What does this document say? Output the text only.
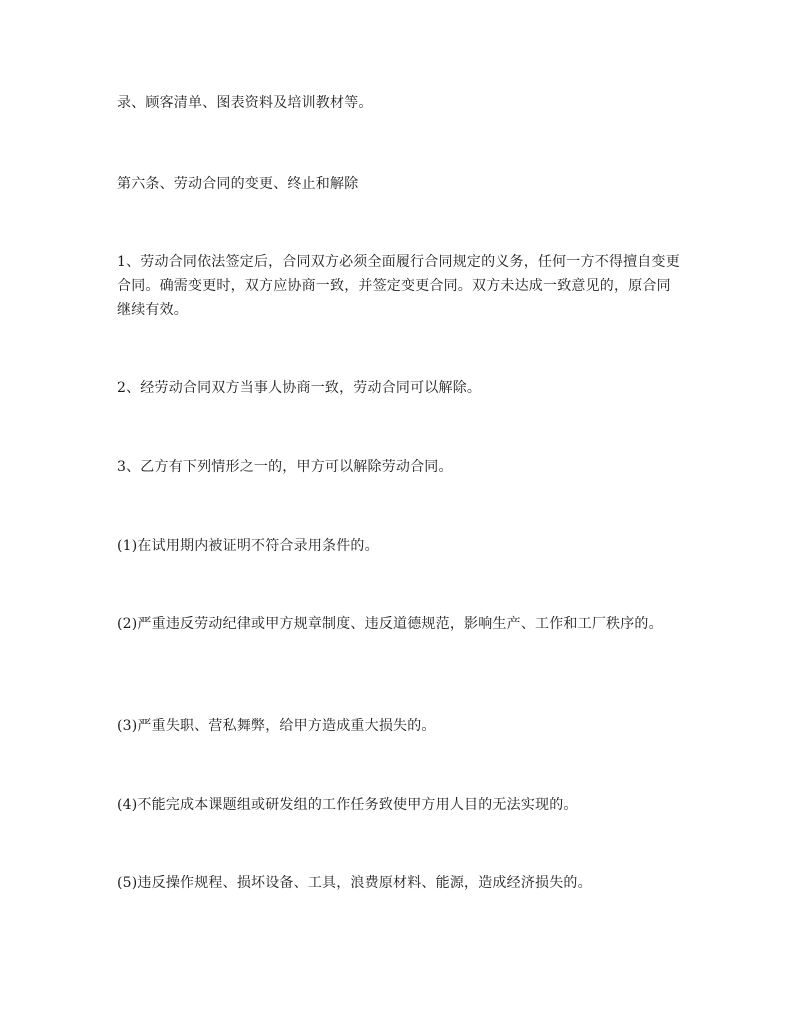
录、顾客清单、图表资料及培训教材等。

第六条、劳动合同的变更、终止和解除

1、劳动合同依法签定后，合同双方必须全面履行合同规定的义务，任何一方不得擅自变更合同。确需变更时，双方应协商一致，并签定变更合同。双方未达成一致意见的，原合同继续有效。

2、经劳动合同双方当事人协商一致，劳动合同可以解除。

3、乙方有下列情形之一的，甲方可以解除劳动合同。

(1)在试用期内被证明不符合录用条件的。

(2)严重违反劳动纪律或甲方规章制度、违反道德规范，影响生产、工作和工厂秩序的。

(3)严重失职、营私舞弊，给甲方造成重大损失的。

(4)不能完成本课题组或研发组的工作任务致使甲方用人目的无法实现的。

(5)违反操作规程、损坏设备、工具，浪费原材料、能源，造成经济损失的。
